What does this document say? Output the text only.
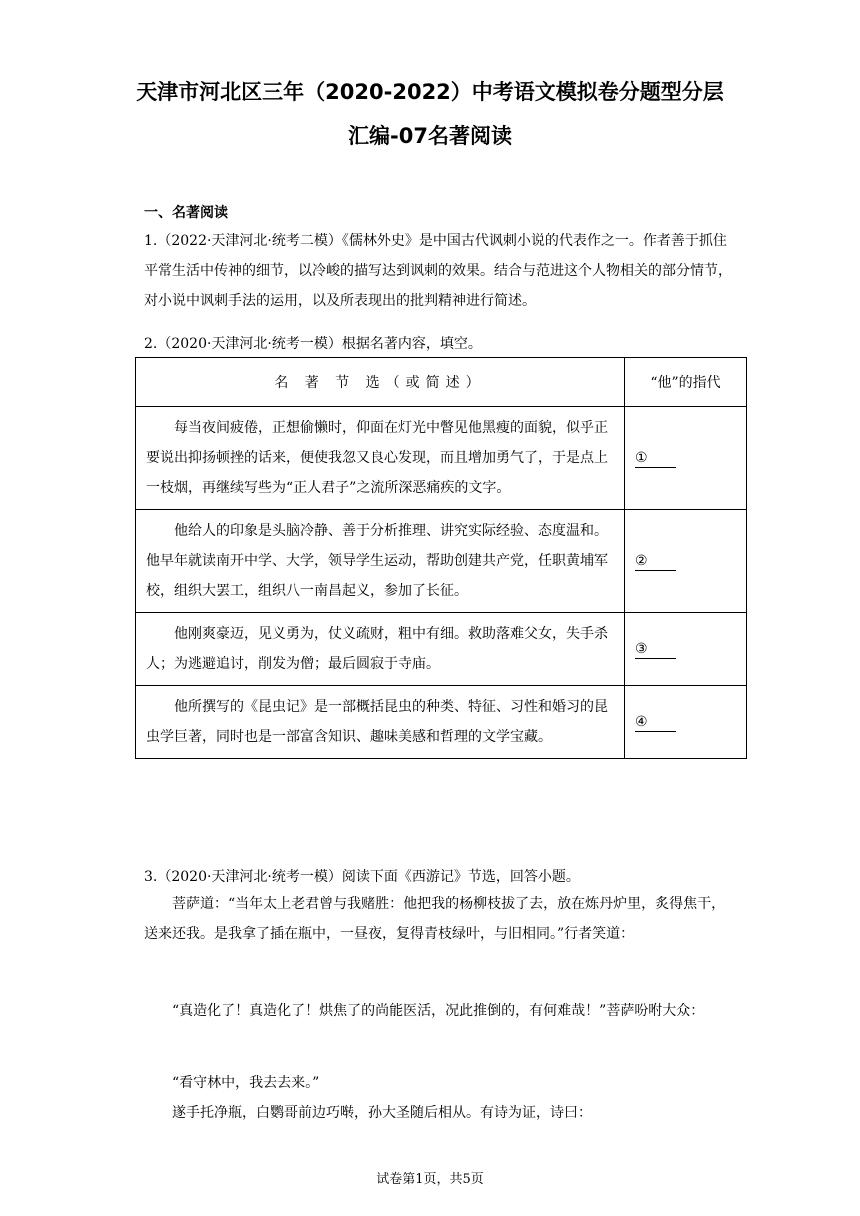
天津市河北区三年（2020-2022）中考语文模拟卷分题型分层
汇编-07名著阅读
一、名著阅读
1.（2022·天津河北·统考二模）《儒林外史》是中国古代讽刺小说的代表作之一。作者善于抓住平常生活中传神的细节，以冷峻的描写达到讽刺的效果。结合与范进这个人物相关的部分情节，对小说中讽刺手法的运用，以及所表现出的批判精神进行简述。
2.（2020·天津河北·统考一模）根据名著内容，填空。
名 著 节 选（或简述）	“他”的指代
每当夜间疲倦，正想偷懒时，仰面在灯光中瞥见他黑瘦的面貌，似乎正要说出抑扬顿挫的话来，便使我忽又良心发现，而且增加勇气了，于是点上一枝烟，再继续写些为“正人君子”之流所深恶痛疾的文字。	①
他给人的印象是头脑冷静、善于分析推理、讲究实际经验、态度温和。他早年就读南开中学、大学，领导学生运动，帮助创建共产党，任职黄埔军校，组织大罢工，组织八一南昌起义，参加了长征。	②
他刚爽豪迈，见义勇为，仗义疏财，粗中有细。救助落难父女，失手杀人；为逃避追讨，削发为僧；最后圆寂于寺庙。	③
他所撰写的《昆虫记》是一部概括昆虫的种类、特征、习性和婚习的昆虫学巨著，同时也是一部富含知识、趣味美感和哲理的文学宝藏。	④
3.（2020·天津河北·统考一模）阅读下面《西游记》节选，回答小题。
菩萨道：“当年太上老君曾与我赌胜：他把我的杨柳枝拔了去，放在炼丹炉里，炙得焦干，送来还我。是我拿了插在瓶中，一昼夜，复得青枝绿叶，与旧相同。”行者笑道：
“真造化了！真造化了！烘焦了的尚能医活，况此推倒的，有何难哉！”菩萨吩咐大众：
“看守林中，我去去来。”
遂手托净瓶，白鹦哥前边巧啭，孙大圣随后相从。有诗为证，诗曰：
试卷第1页，共5页
